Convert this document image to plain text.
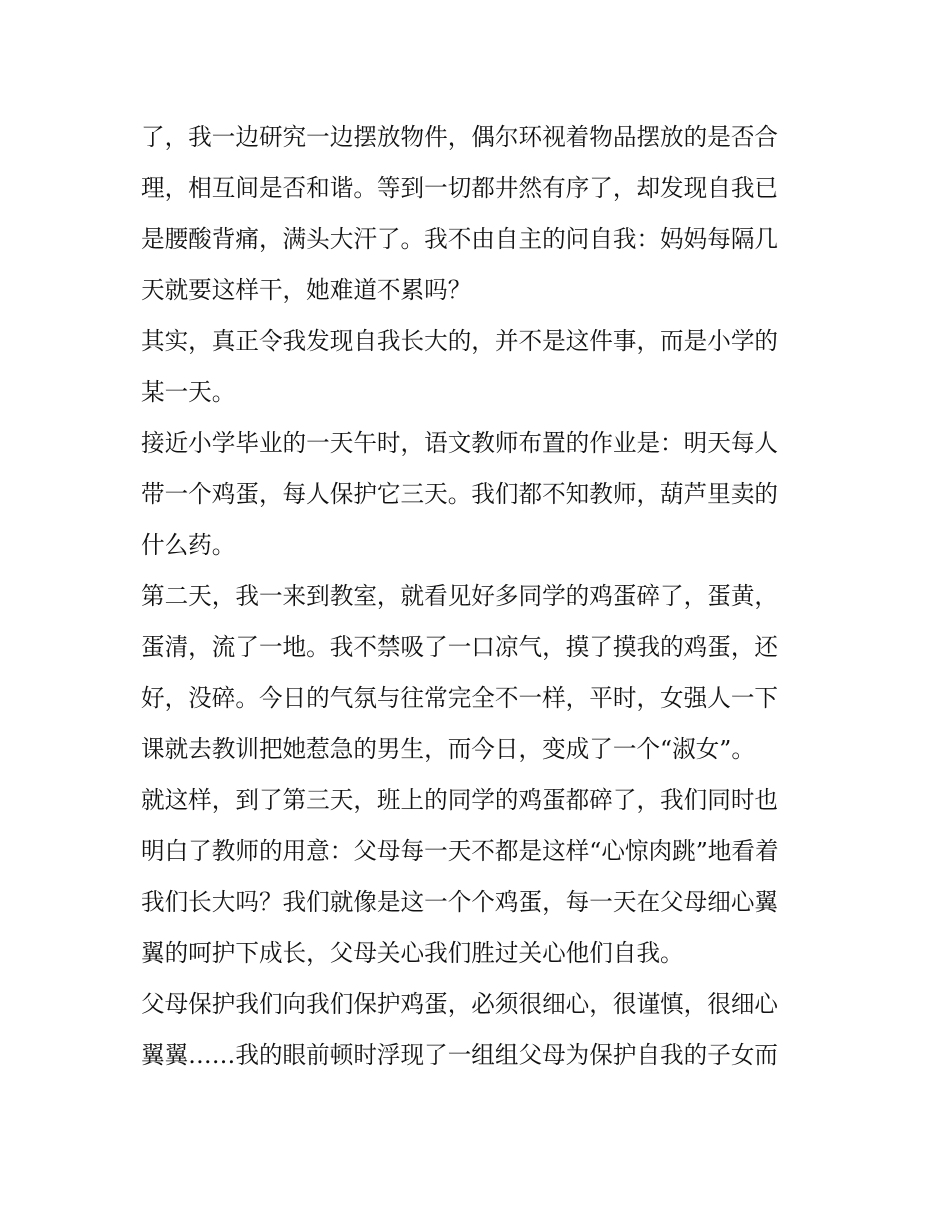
了，我一边研究一边摆放物件，偶尔环视着物品摆放的是否合
理，相互间是否和谐。等到一切都井然有序了，却发现自我已
是腰酸背痛，满头大汗了。我不由自主的问自我：妈妈每隔几
天就要这样干，她难道不累吗？

其实，真正令我发现自我长大的，并不是这件事，而是小学的
某一天。

接近小学毕业的一天午时，语文教师布置的作业是：明天每人
带一个鸡蛋，每人保护它三天。我们都不知教师，葫芦里卖的
什么药。

第二天，我一来到教室，就看见好多同学的鸡蛋碎了，蛋黄，
蛋清，流了一地。我不禁吸了一口凉气，摸了摸我的鸡蛋，还
好，没碎。今日的气氛与往常完全不一样，平时，女强人一下
课就去教训把她惹急的男生，而今日，变成了一个“淑女”。

就这样，到了第三天，班上的同学的鸡蛋都碎了，我们同时也
明白了教师的用意：父母每一天不都是这样“心惊肉跳”地看着
我们长大吗？我们就像是这一个个鸡蛋，每一天在父母细心翼
翼的呵护下成长，父母关心我们胜过关心他们自我。

父母保护我们向我们保护鸡蛋，必须很细心，很谨慎，很细心
翼翼……我的眼前顿时浮现了一组组父母为保护自我的子女而
